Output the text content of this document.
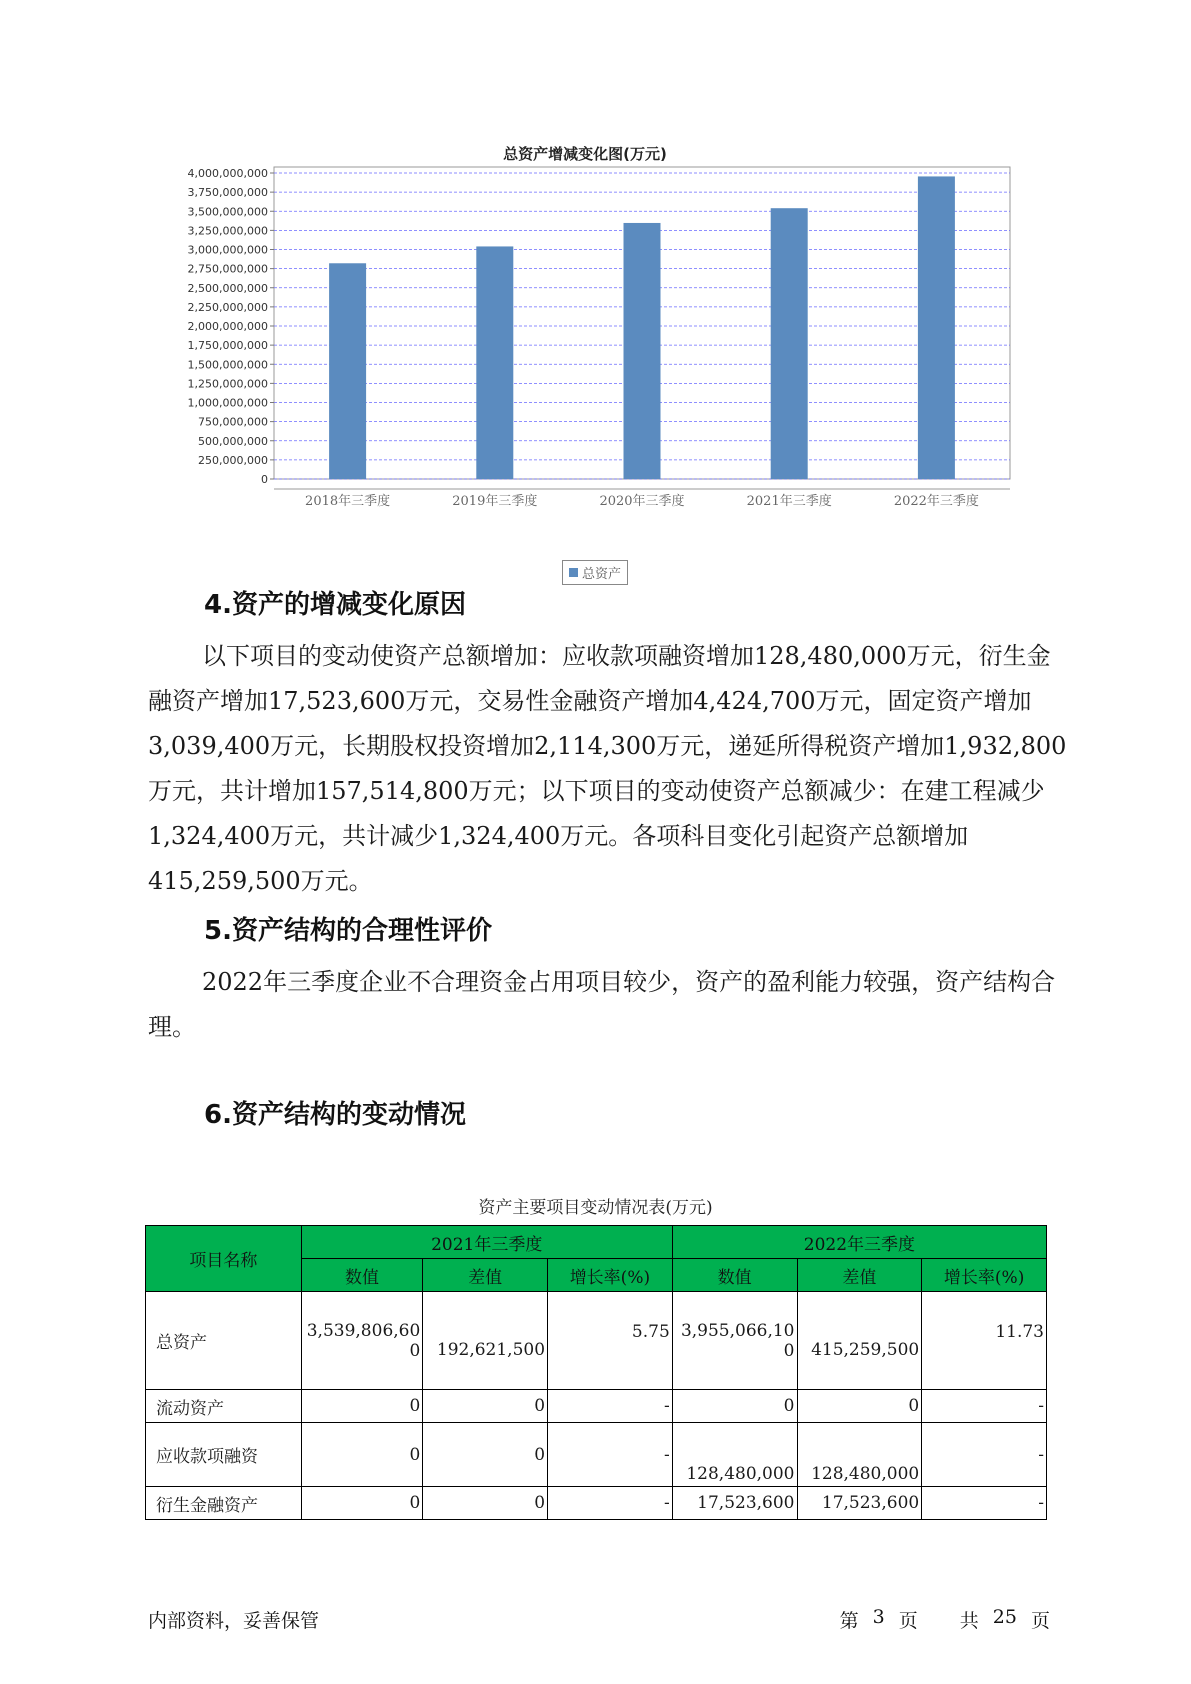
总资产增减变化图(万元)
0
250,000,000
500,000,000
750,000,000
1,000,000,000
1,250,000,000
1,500,000,000
1,750,000,000
2,000,000,000
2,250,000,000
2,500,000,000
2,750,000,000
3,000,000,000
3,250,000,000
3,500,000,000
3,750,000,000
4,000,000,000
2018年三季度	2019年三季度	2020年三季度	2021年三季度	2022年三季度
总资产
4.资产的增减变化原因
以下项目的变动使资产总额增加：应收款项融资增加128,480,000万元，衍生金融资产增加17,523,600万元，交易性金融资产增加4,424,700万元，固定资产增加3,039,400万元，长期股权投资增加2,114,300万元，递延所得税资产增加1,932,800万元，共计增加157,514,800万元；以下项目的变动使资产总额减少：在建工程减少1,324,400万元，共计减少1,324,400万元。各项科目变化引起资产总额增加415,259,500万元。
5.资产结构的合理性评价
2022年三季度企业不合理资金占用项目较少，资产的盈利能力较强，资产结构合理。
6.资产结构的变动情况
资产主要项目变动情况表(万元)
项目名称	2021年三季度			2022年三季度		
	数值	差值	增长率(%)	数值	差值	增长率(%)
总资产	3,539,806,600	192,621,500	5.75	3,955,066,100	415,259,500	11.73
流动资产	0	0	-	0	0	-
应收款项融资	0	0	-	128,480,000	128,480,000	-
衍生金融资产	0	0	-	17,523,600	17,523,600	-
内部资料，妥善保管	第 3 页 共 25 页
